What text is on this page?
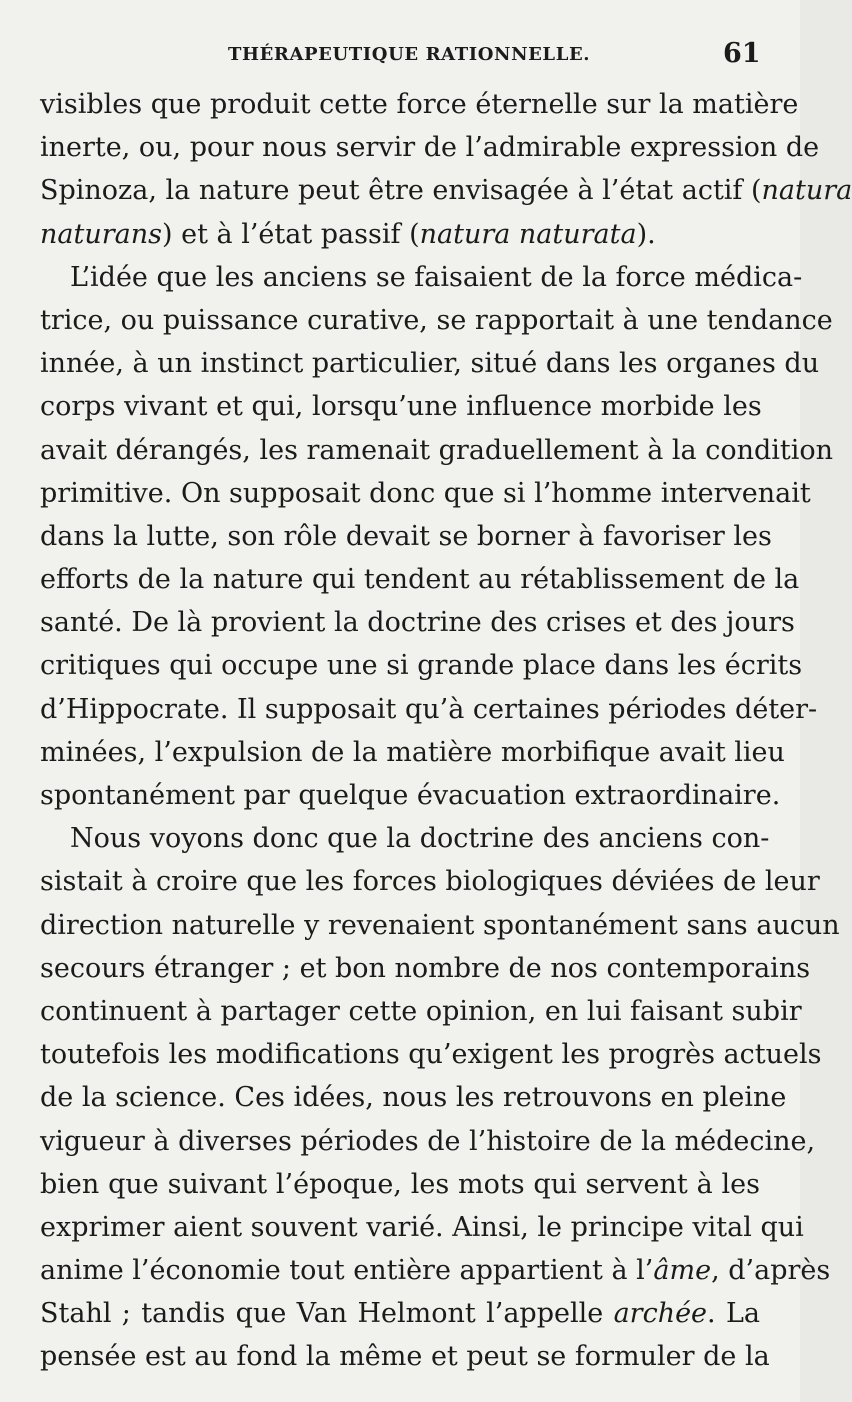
THÉRAPEUTIQUE RATIONNELLE.	61
visibles que produit cette force éternelle sur la matière
inerte, ou, pour nous servir de l’admirable expression de
Spinoza, la nature peut être envisagée à l’état actif (natura
naturans) et à l’état passif (natura naturata).
L’idée que les anciens se faisaient de la force médica-
trice, ou puissance curative, se rapportait à une tendance
innée, à un instinct particulier, situé dans les organes du
corps vivant et qui, lorsqu’une influence morbide les
avait dérangés, les ramenait graduellement à la condition
primitive. On supposait donc que si l’homme intervenait
dans la lutte, son rôle devait se borner à favoriser les
efforts de la nature qui tendent au rétablissement de la
santé. De là provient la doctrine des crises et des jours
critiques qui occupe une si grande place dans les écrits
d’Hippocrate. Il supposait qu’à certaines périodes déter-
minées, l’expulsion de la matière morbifique avait lieu
spontanément par quelque évacuation extraordinaire.
Nous voyons donc que la doctrine des anciens con-
sistait à croire que les forces biologiques déviées de leur
direction naturelle y revenaient spontanément sans aucun
secours étranger ; et bon nombre de nos contemporains
continuent à partager cette opinion, en lui faisant subir
toutefois les modifications qu’exigent les progrès actuels
de la science. Ces idées, nous les retrouvons en pleine
vigueur à diverses périodes de l’histoire de la médecine,
bien que suivant l’époque, les mots qui servent à les
exprimer aient souvent varié. Ainsi, le principe vital qui
anime l’économie tout entière appartient à l’âme, d’après
Stahl ; tandis que Van Helmont l’appelle archée. La
pensée est au fond la même et peut se formuler de la
